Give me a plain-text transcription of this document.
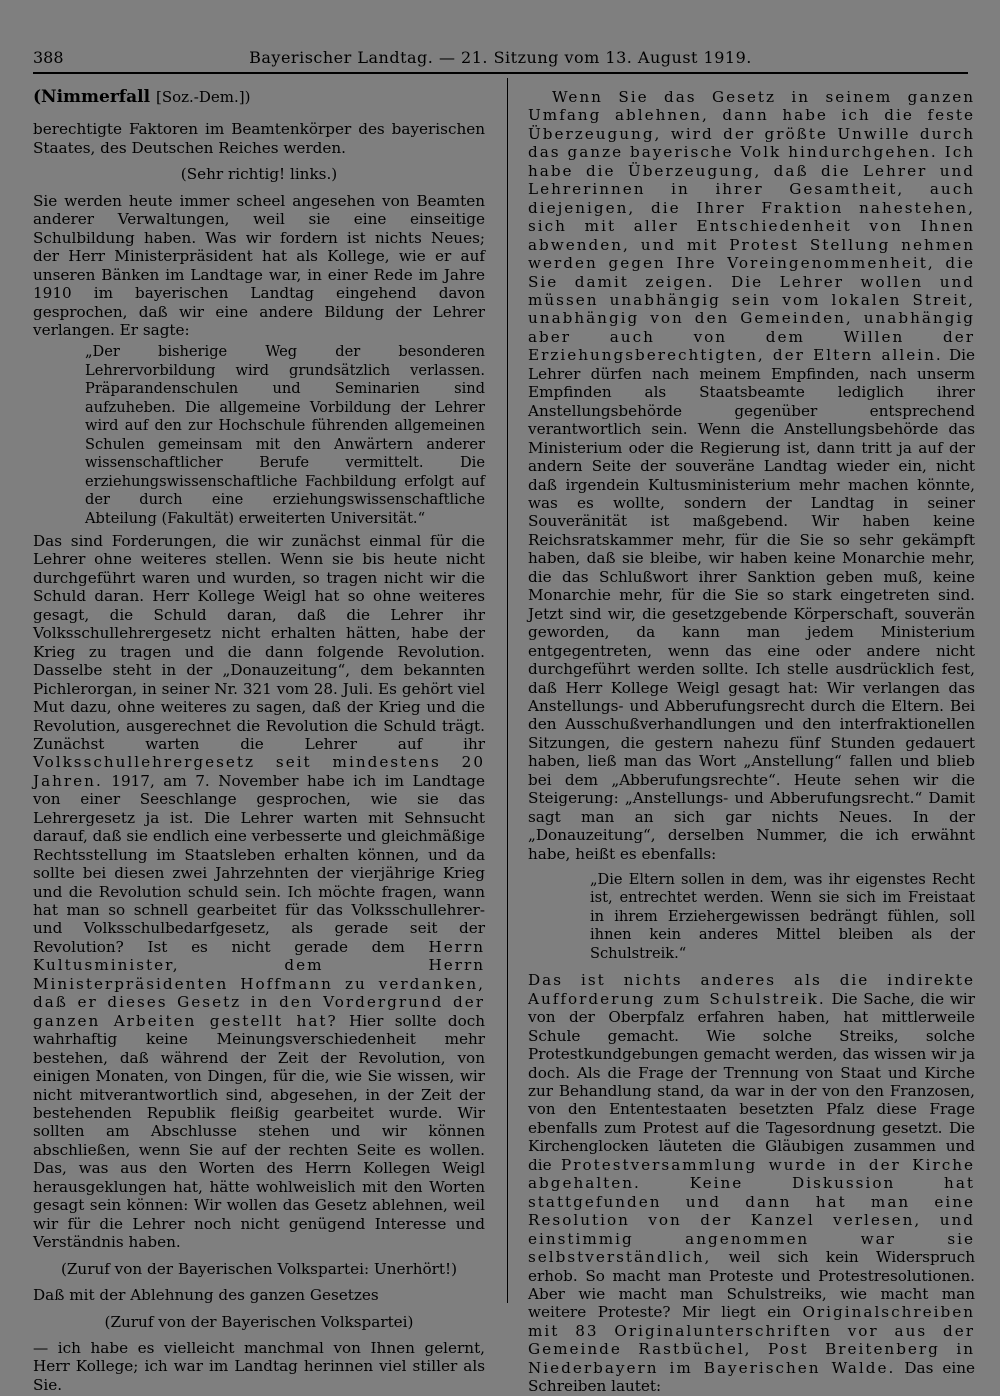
388	Bayerischer Landtag. — 21. Sitzung vom 13. August 1919.

(Nimmerfall [Soz.-Dem.])

berechtigte Faktoren im Beamtenkörper des bayerischen Staates, des Deutschen Reiches werden.

(Sehr richtig! links.)

Sie werden heute immer scheel angesehen von Beamten anderer Verwaltungen, weil sie eine einseitige Schulbildung haben. Was wir fordern ist nichts Neues; der Herr Ministerpräsident hat als Kollege, wie er auf unseren Bänken im Landtage war, in einer Rede im Jahre 1910 im bayerischen Landtag eingehend davon gesprochen, daß wir eine andere Bildung der Lehrer verlangen. Er sagte:

„Der bisherige Weg der besonderen Lehrervorbildung wird grundsätzlich verlassen. Präparandenschulen und Seminarien sind aufzuheben. Die allgemeine Vorbildung der Lehrer wird auf den zur Hochschule führenden allgemeinen Schulen gemeinsam mit den Anwärtern anderer wissenschaftlicher Berufe vermittelt. Die erziehungswissenschaftliche Fachbildung erfolgt auf der durch eine erziehungswissenschaftliche Abteilung (Fakultät) erweiterten Universität.“

Das sind Forderungen, die wir zunächst einmal für die Lehrer ohne weiteres stellen. Wenn sie bis heute nicht durchgeführt waren und wurden, so tragen nicht wir die Schuld daran. Herr Kollege Weigl hat so ohne weiteres gesagt, die Schuld daran, daß die Lehrer ihr Volksschullehrergesetz nicht erhalten hätten, habe der Krieg zu tragen und die dann folgende Revolution. Dasselbe steht in der „Donauzeitung“, dem bekannten Pichlerorgan, in seiner Nr. 321 vom 28. Juli. Es gehört viel Mut dazu, ohne weiteres zu sagen, daß der Krieg und die Revolution, ausgerechnet die Revolution die Schuld trägt. Zunächst warten die Lehrer auf ihr Volksschullehrergesetz seit mindestens 20 Jahren. 1917, am 7. November habe ich im Landtage von einer Seeschlange gesprochen, wie sie das Lehrergesetz ja ist. Die Lehrer warten mit Sehnsucht darauf, daß sie endlich eine verbesserte und gleichmäßige Rechtsstellung im Staatsleben erhalten können, und da sollte bei diesen zwei Jahrzehnten der vierjährige Krieg und die Revolution schuld sein. Ich möchte fragen, wann hat man so schnell gearbeitet für das Volksschullehrer- und Volksschulbedarfgesetz, als gerade seit der Revolution? Ist es nicht gerade dem Herrn Kultusminister, dem Herrn Ministerpräsidenten Hoffmann zu verdanken, daß er dieses Gesetz in den Vordergrund der ganzen Arbeiten gestellt hat? Hier sollte doch wahrhaftig keine Meinungsverschiedenheit mehr bestehen, daß während der Zeit der Revolution, von einigen Monaten, von Dingen, für die, wie Sie wissen, wir nicht mitverantwortlich sind, abgesehen, in der Zeit der bestehenden Republik fleißig gearbeitet wurde. Wir sollten am Abschlusse stehen und wir können abschließen, wenn Sie auf der rechten Seite es wollen. Das, was aus den Worten des Herrn Kollegen Weigl herausgeklungen hat, hätte wohlweislich mit den Worten gesagt sein können: Wir wollen das Gesetz ablehnen, weil wir für die Lehrer noch nicht genügend Interesse und Verständnis haben.

(Zuruf von der Bayerischen Volkspartei: Unerhört!)

Daß mit der Ablehnung des ganzen Gesetzes

(Zuruf von der Bayerischen Volkspartei)

— ich habe es vielleicht manchmal von Ihnen gelernt, Herr Kollege; ich war im Landtag herinnen viel stiller als Sie.

Wenn Sie das Gesetz in seinem ganzen Umfang ablehnen, dann habe ich die feste Überzeugung, wird der größte Unwille durch das ganze bayerische Volk hindurchgehen. Ich habe die Überzeugung, daß die Lehrer und Lehrerinnen in ihrer Gesamtheit, auch diejenigen, die Ihrer Fraktion nahestehen, sich mit aller Entschiedenheit von Ihnen abwenden, und mit Protest Stellung nehmen werden gegen Ihre Voreingenommenheit, die Sie damit zeigen. Die Lehrer wollen und müssen unabhängig sein vom lokalen Streit, unabhängig von den Gemeinden, unabhängig aber auch von dem Willen der Erziehungsberechtigten, der Eltern allein. Die Lehrer dürfen nach meinem Empfinden, nach unserm Empfinden als Staatsbeamte lediglich ihrer Anstellungsbehörde gegenüber entsprechend verantwortlich sein. Wenn die Anstellungsbehörde das Ministerium oder die Regierung ist, dann tritt ja auf der andern Seite der souveräne Landtag wieder ein, nicht daß irgendein Kultusministerium mehr machen könnte, was es wollte, sondern der Landtag in seiner Souveränität ist maßgebend. Wir haben keine Reichsratskammer mehr, für die Sie so sehr gekämpft haben, daß sie bleibe, wir haben keine Monarchie mehr, die das Schlußwort ihrer Sanktion geben muß, keine Monarchie mehr, für die Sie so stark eingetreten sind. Jetzt sind wir, die gesetzgebende Körperschaft, souverän geworden, da kann man jedem Ministerium entgegentreten, wenn das eine oder andere nicht durchgeführt werden sollte. Ich stelle ausdrücklich fest, daß Herr Kollege Weigl gesagt hat: Wir verlangen das Anstellungs- und Abberufungsrecht durch die Eltern. Bei den Ausschußverhandlungen und den interfraktionellen Sitzungen, die gestern nahezu fünf Stunden gedauert haben, ließ man das Wort „Anstellung“ fallen und blieb bei dem „Abberufungsrechte“. Heute sehen wir die Steigerung: „Anstellungs- und Abberufungsrecht.“ Damit sagt man an sich gar nichts Neues. In der „Donauzeitung“, derselben Nummer, die ich erwähnt habe, heißt es ebenfalls:

„Die Eltern sollen in dem, was ihr eigenstes Recht ist, entrechtet werden. Wenn sie sich im Freistaat in ihrem Erziehergewissen bedrängt fühlen, soll ihnen kein anderes Mittel bleiben als der Schulstreik.“

Das ist nichts anderes als die indirekte Aufforderung zum Schulstreik. Die Sache, die wir von der Oberpfalz erfahren haben, hat mittlerweile Schule gemacht. Wie solche Streiks, solche Protestkundgebungen gemacht werden, das wissen wir ja doch. Als die Frage der Trennung von Staat und Kirche zur Behandlung stand, da war in der von den Franzosen, von den Ententestaaten besetzten Pfalz diese Frage ebenfalls zum Protest auf die Tagesordnung gesetzt. Die Kirchenglocken läuteten die Gläubigen zusammen und die Protestversammlung wurde in der Kirche abgehalten. Keine Diskussion hat stattgefunden und dann hat man eine Resolution von der Kanzel verlesen, und einstimmig angenommen war sie selbstverständlich, weil sich kein Widerspruch erhob. So macht man Proteste und Protestresolutionen. Aber wie macht man Schulstreiks, wie macht man weitere Proteste? Mir liegt ein Originalschreiben mit 83 Originalunterschriften vor aus der Gemeinde Rastbüchel, Post Breitenberg in Niederbayern im Bayerischen Walde. Das eine Schreiben lautet:
